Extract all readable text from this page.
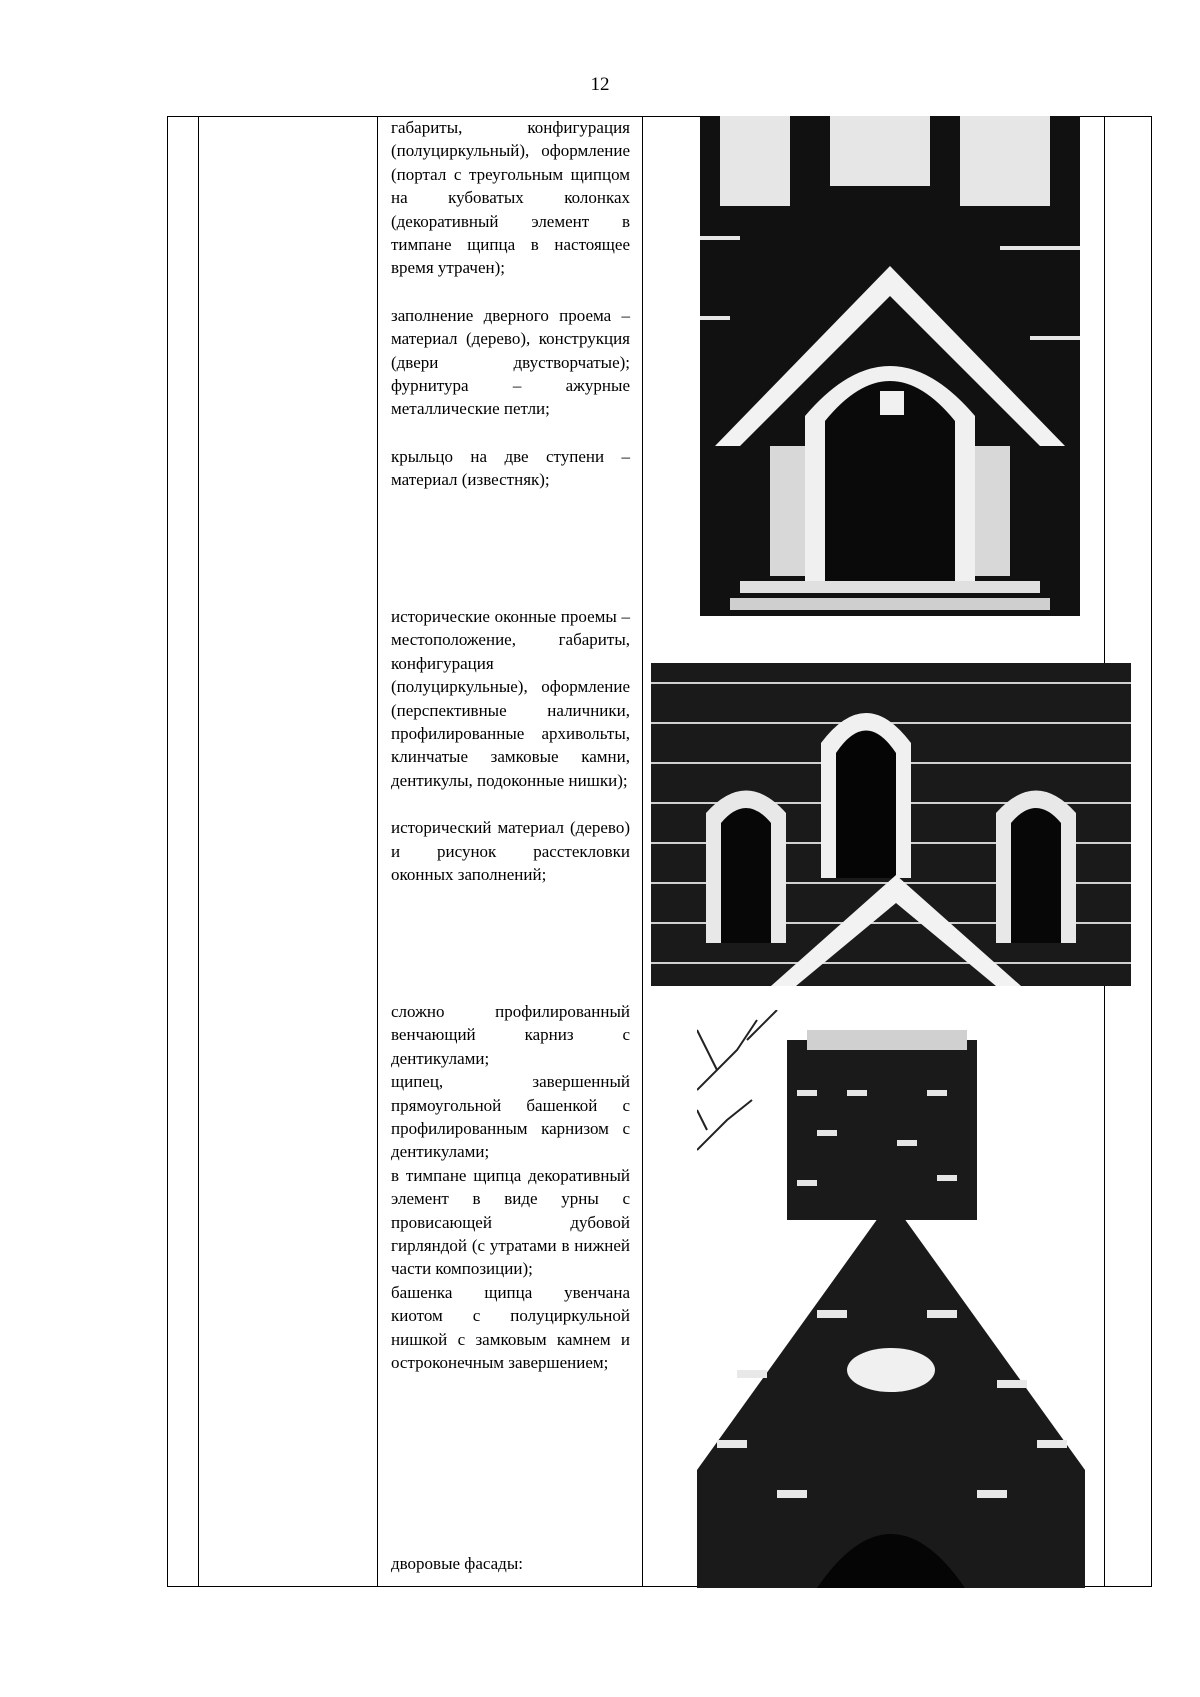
12
габариты, конфигурация (полуциркульный), оформление (портал с треугольным щипцом на кубоватых колонках (декоративный элемент в тимпане щипца в настоящее время утрачен);
заполнение дверного проема – материал (дерево), конструкция (двери двустворчатые); фурнитура – ажурные металлические петли;
крыльцо на две ступени – материал (известняк);
исторические оконные проемы – местоположение, габариты, конфигурация (полуциркульные), оформление (перспективные наличники, профилированные архивольты, клинчатые замковые камни, дентикулы, подоконные нишки);
исторический материал (дерево) и рисунок расстекловки оконных заполнений;
сложно профилированный венчающий карниз с дентикулами;
щипец, завершенный прямоугольной башенкой с профилированным карнизом с дентикулами;
в тимпане щипца декоративный элемент в виде урны с провисающей дубовой гирляндой (с утратами в нижней части композиции);
башенка щипца увенчана киотом с полуциркульной нишкой с замковым камнем и остроконечным завершением;
дворовые фасады:
